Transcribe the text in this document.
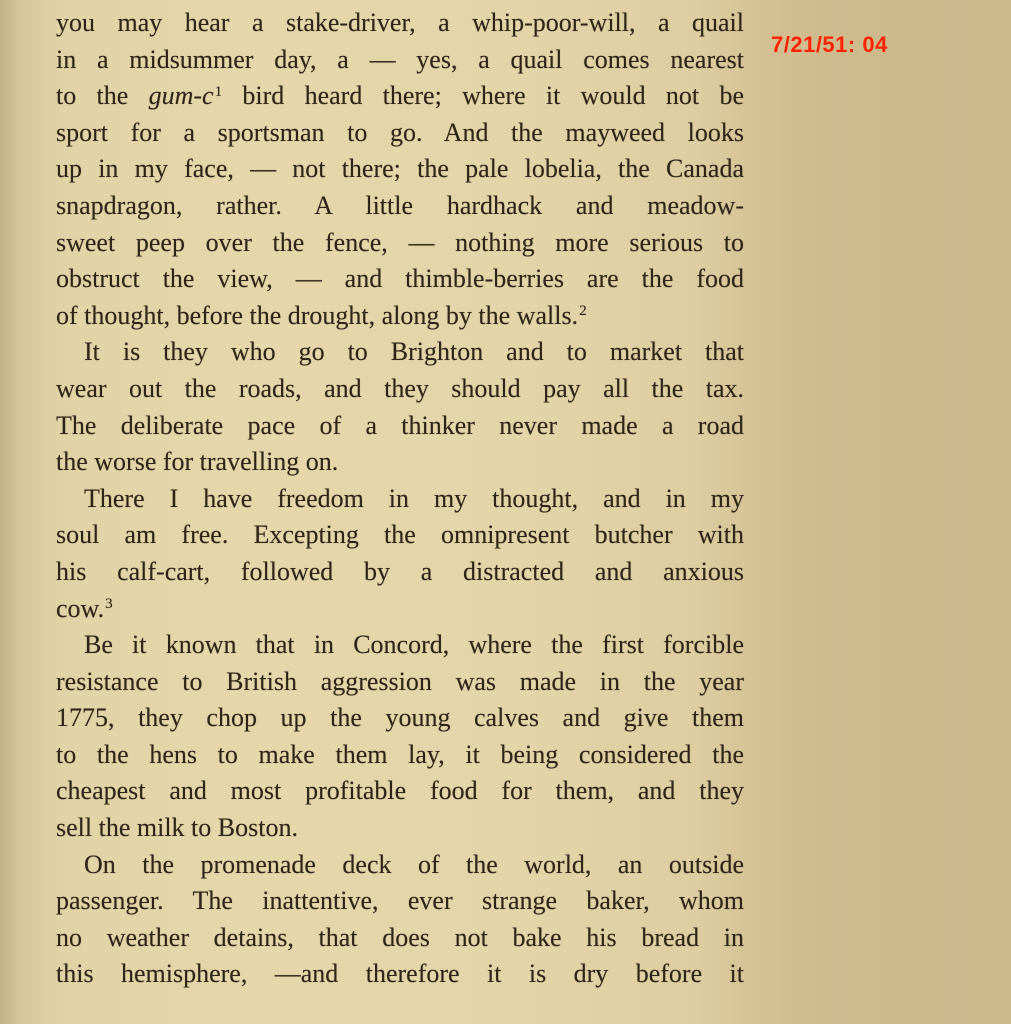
you may hear a stake-driver, a whip-poor-will, a quail
in a midsummer day, a — yes, a quail comes nearest
to the gum-$c^1$ bird heard there; where it would not be
sport for a sportsman to go. And the mayweed looks
up in my face, — not there; the pale lobelia, the Canada
snapdragon, rather. A little hardhack and meadow-
sweet peep over the fence, — nothing more serious to
obstruct the view, — and thimble-berries are the food
of thought, before the drought, along by the walls.$^2$
It is they who go to Brighton and to market that
wear out the roads, and they should pay all the tax.
The deliberate pace of a thinker never made a road
the worse for travelling on.
There I have freedom in my thought, and in my
soul am free. Excepting the omnipresent butcher with
his calf-cart, followed by a distracted and anxious
cow.$^3$
Be it known that in Concord, where the first forcible
resistance to British aggression was made in the year
1775, they chop up the young calves and give them
to the hens to make them lay, it being considered the
cheapest and most profitable food for them, and they
sell the milk to Boston.
On the promenade deck of the world, an outside
passenger. The inattentive, ever strange baker, whom
no weather detains, that does not bake his bread in
this hemisphere, —and therefore it is dry before it
7/21/51: 04
